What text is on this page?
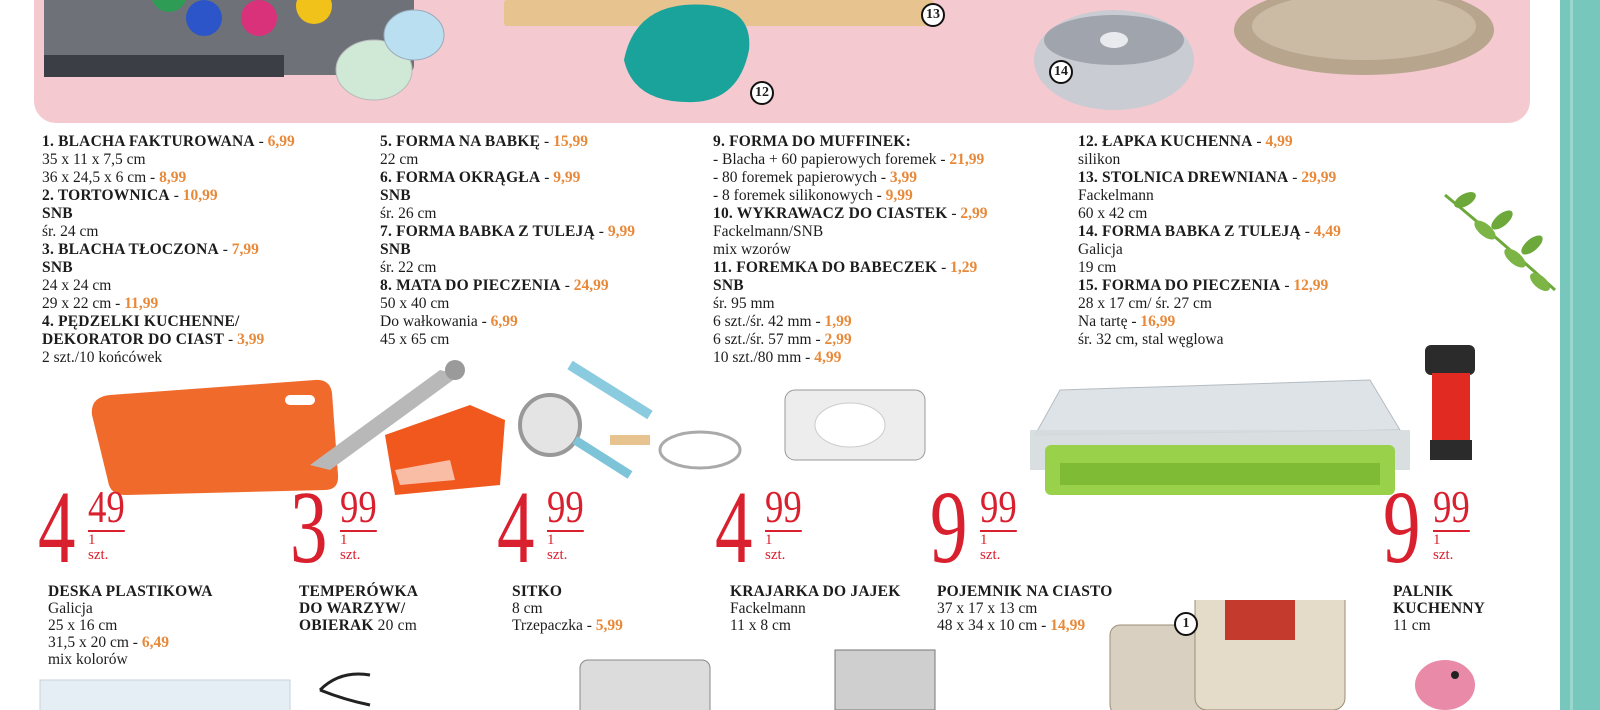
13
12
14
1. BLACHA FAKTUROWANA - 6,99
35 x 11 x 7,5 cm
36 x 24,5 x 6 cm - 8,99
2. TORTOWNICA - 10,99
SNB
śr. 24 cm
3. BLACHA TŁOCZONA - 7,99
SNB
24 x 24 cm
29 x 22 cm - 11,99
4. PĘDZELKI KUCHENNE/
DEKORATOR DO CIAST - 3,99
2 szt./10 końcówek
5. FORMA NA BABKĘ - 15,99
22 cm
6. FORMA OKRĄGŁA - 9,99
SNB
śr. 26 cm
7. FORMA BABKA Z TULEJĄ - 9,99
SNB
śr. 22 cm
8. MATA DO PIECZENIA - 24,99
50 x 40 cm
Do wałkowania - 6,99
45 x 65 cm
9. FORMA DO MUFFINEK:
- Blacha + 60 papierowych foremek - 21,99
- 80 foremek papierowych - 3,99
- 8 foremek silikonowych - 9,99
10. WYKRAWACZ DO CIASTEK - 2,99
Fackelmann/SNB
mix wzorów
11. FOREMKA DO BABECZEK - 1,29
SNB
śr. 95 mm
6 szt./śr. 42 mm - 1,99
6 szt./śr. 57 mm - 2,99
10 szt./80 mm - 4,99
12. ŁAPKA KUCHENNA - 4,99
silikon
13. STOLNICA DREWNIANA - 29,99
Fackelmann
60 x 42 cm
14. FORMA BABKA Z TULEJĄ - 4,49
Galicja
19 cm
15. FORMA DO PIECZENIA - 12,99
28 x 17 cm/ śr. 27 cm
Na tartę - 16,99
śr. 32 cm, stal węglowa
4 49
1 szt. 3 99
1 szt. 4 99
1 szt. 4 99
1 szt. 9 99
1 szt.	9 99
1 szt.
DESKA PLASTIKOWA
Galicja
25 x 16 cm
31,5 x 20 cm - 6,49
mix kolorów
TEMPERÓWKA
DO WARZYW/
OBIERAK 20 cm
SITKO
8 cm
Trzepaczka - 5,99
KRAJARKA DO JAJEK
Fackelmann
11 x 8 cm
POJEMNIK NA CIASTO
37 x 17 x 13 cm
48 x 34 x 10 cm - 14,99
PALNIK
KUCHENNY
11 cm
1
